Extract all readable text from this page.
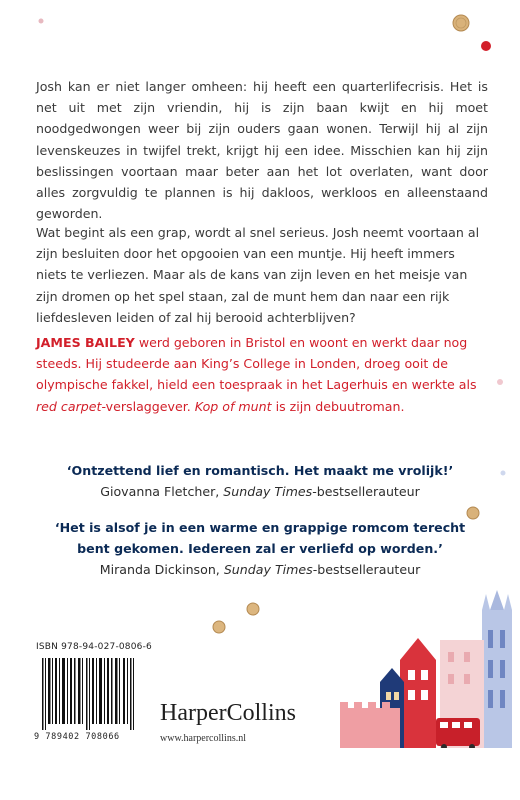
Josh kan er niet langer omheen: hij heeft een quarterlifecrisis. Het is net uit met zijn vriendin, hij is zijn baan kwijt en hij moet noodgedwongen weer bij zijn ouders gaan wonen. Terwijl hij al zijn levenskeuzes in twijfel trekt, krijgt hij een idee. Misschien kan hij zijn beslissingen voortaan maar beter aan het lot overlaten, want door alles zorgvuldig te plannen is hij dakloos, werkloos en alleenstaand geworden.
Wat begint als een grap, wordt al snel serieus. Josh neemt voortaan al zijn besluiten door het opgooien van een muntje. Hij heeft immers niets te verliezen. Maar als de kans van zijn leven en het meisje van zijn dromen op het spel staan, zal de munt hem dan naar een rijk liefdesleven leiden of zal hij berooid achterblijven?
JAMES BAILEY werd geboren in Bristol en woont en werkt daar nog steeds. Hij studeerde aan King’s College in Londen, droeg ooit de olympische fakkel, hield een toespraak in het Lagerhuis en werkte als red carpet-verslaggever. Kop of munt is zijn debuutroman.
‘Ontzettend lief en romantisch. Het maakt me vrolijk!’
Giovanna Fletcher, Sunday Times-bestsellerauteur
‘Het is alsof je in een warme en grappige romcom terecht bent gekomen. Iedereen zal er verliefd op worden.’
Miranda Dickinson, Sunday Times-bestsellerauteur
ISBN 978-94-027-0806-6
9 789402 708066
HarperCollins
www.harpercollins.nl
